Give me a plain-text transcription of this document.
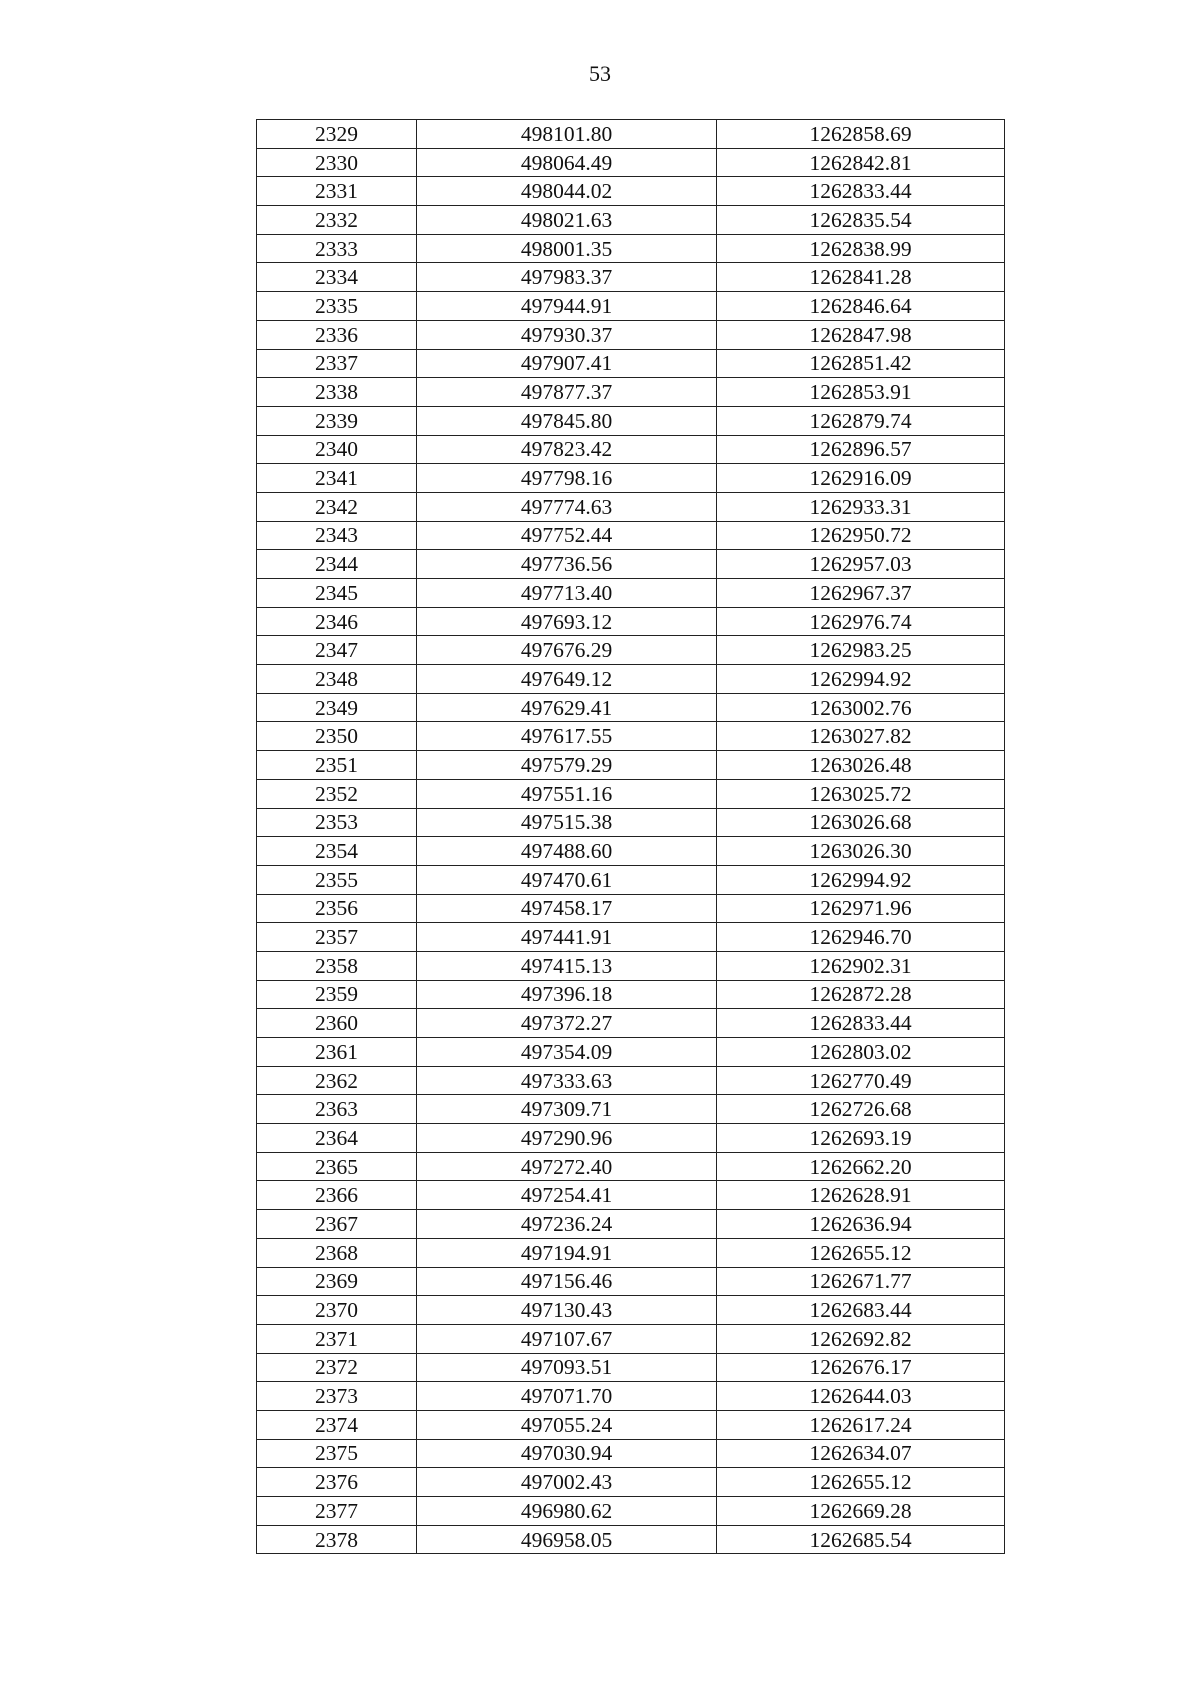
53
2329	498101.80	1262858.69
2330	498064.49	1262842.81
2331	498044.02	1262833.44
2332	498021.63	1262835.54
2333	498001.35	1262838.99
2334	497983.37	1262841.28
2335	497944.91	1262846.64
2336	497930.37	1262847.98
2337	497907.41	1262851.42
2338	497877.37	1262853.91
2339	497845.80	1262879.74
2340	497823.42	1262896.57
2341	497798.16	1262916.09
2342	497774.63	1262933.31
2343	497752.44	1262950.72
2344	497736.56	1262957.03
2345	497713.40	1262967.37
2346	497693.12	1262976.74
2347	497676.29	1262983.25
2348	497649.12	1262994.92
2349	497629.41	1263002.76
2350	497617.55	1263027.82
2351	497579.29	1263026.48
2352	497551.16	1263025.72
2353	497515.38	1263026.68
2354	497488.60	1263026.30
2355	497470.61	1262994.92
2356	497458.17	1262971.96
2357	497441.91	1262946.70
2358	497415.13	1262902.31
2359	497396.18	1262872.28
2360	497372.27	1262833.44
2361	497354.09	1262803.02
2362	497333.63	1262770.49
2363	497309.71	1262726.68
2364	497290.96	1262693.19
2365	497272.40	1262662.20
2366	497254.41	1262628.91
2367	497236.24	1262636.94
2368	497194.91	1262655.12
2369	497156.46	1262671.77
2370	497130.43	1262683.44
2371	497107.67	1262692.82
2372	497093.51	1262676.17
2373	497071.70	1262644.03
2374	497055.24	1262617.24
2375	497030.94	1262634.07
2376	497002.43	1262655.12
2377	496980.62	1262669.28
2378	496958.05	1262685.54
